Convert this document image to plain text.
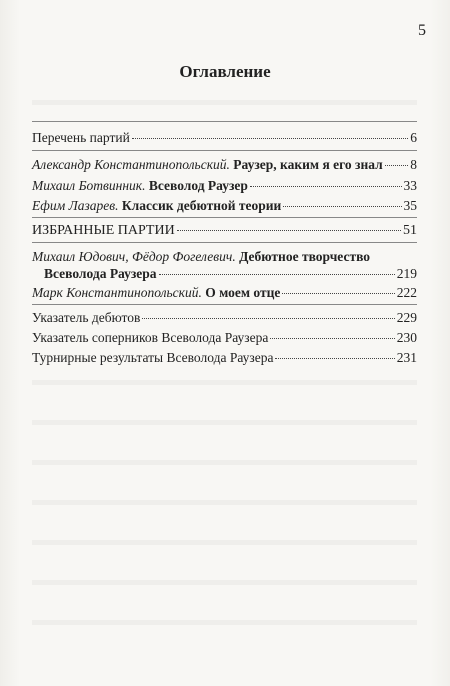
5
Оглавление
Перечень партий	6
Александр Константинопольский. Раузер, каким я его знал 8
Михаил Ботвинник. Всеволод Раузер	33
Ефим Лазарев. Классик дебютной теории	35
ИЗБРАННЫЕ ПАРТИИ	51
Михаил Юдович, Фёдор Фогелевич. Дебютное творчество
Всеволода Раузера	219
Марк Константинопольский. О моем отце	222
Указатель дебютов	229
Указатель соперников Всеволода Раузера	230
Турнирные результаты Всеволода Раузера	231
